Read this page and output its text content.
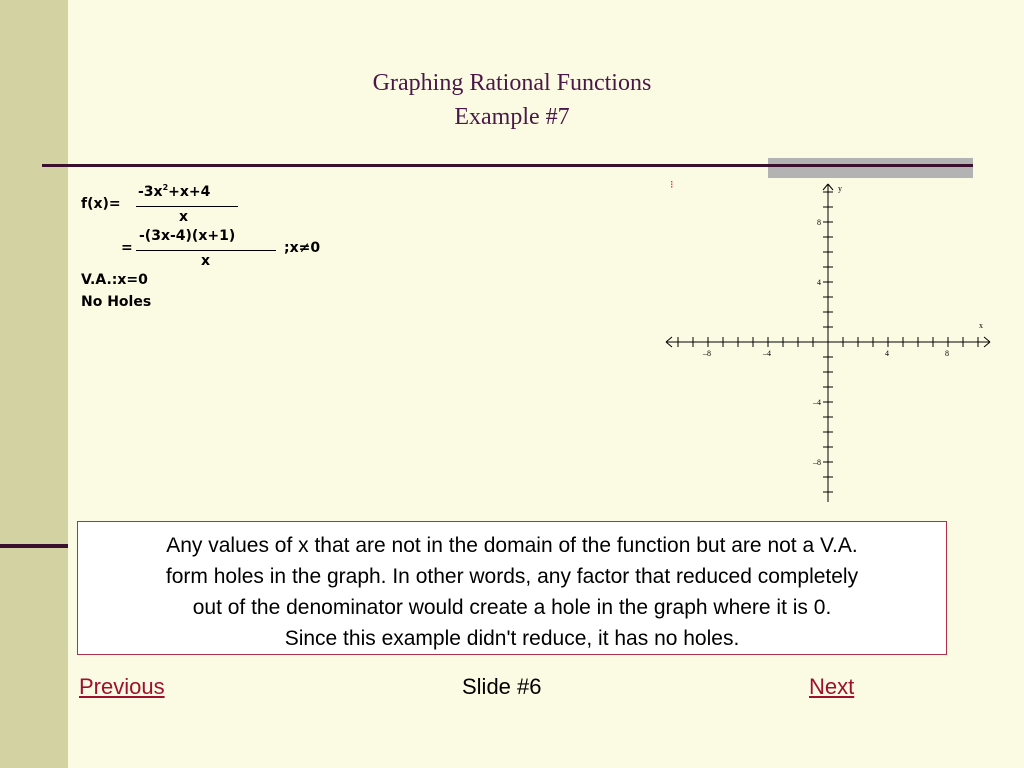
Graphing Rational Functions
Example #7
f(x)=
$-3x^2+x+4$
x
=
-(3x-4)(x+1)
x
;x≠0
V.A.:x=0
No Holes
⁝	y
x
–8	–4	4	8
8
4
–4
–8

Any values of x that are not in the domain of the function but are not a V.A.

form holes in the graph. In other words, any factor that reduced completely

out of the denominator would create a hole in the graph where it is 0.

Since this example didn't reduce, it has no holes.

Previous	Slide #6	Next
